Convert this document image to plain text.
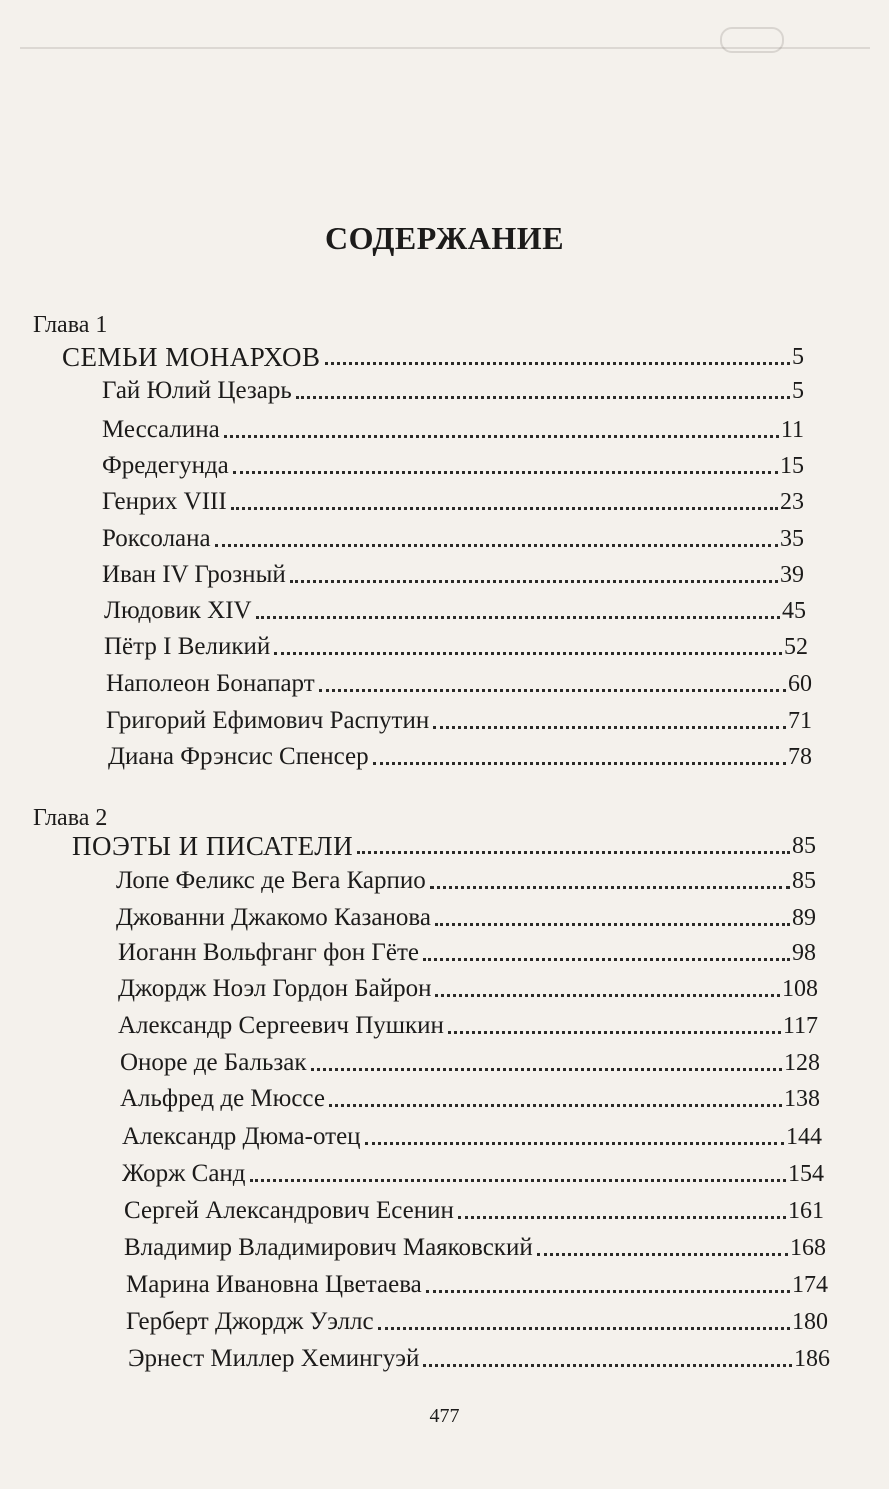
СОДЕРЖАНИЕ
Глава 1
СЕМЬИ МОНАРХОВ	5
Гай Юлий Цезарь	5
Мессалина	11
Фредегунда	15
Генрих VIII	23
Роксолана	35
Иван IV Грозный	39
Людовик XIV	45
Пётр I Великий	52
Наполеон Бонапарт	60
Григорий Ефимович Распутин	71
Диана Фрэнсис Спенсер	78
Глава 2
ПОЭТЫ И ПИСАТЕЛИ	85
Лопе Феликс де Вега Карпио	85
Джованни Джакомо Казанова	89
Иоганн Вольфганг фон Гёте	98
Джордж Ноэл Гордон Байрон	108
Александр Сергеевич Пушкин	117
Оноре де Бальзак	128
Альфред де Мюссе	138
Александр Дюма-отец	144
Жорж Санд	154
Сергей Александрович Есенин	161
Владимир Владимирович Маяковский	168
Марина Ивановна Цветаева	174
Герберт Джордж Уэллс	180
Эрнест Миллер Хемингуэй	186
477
